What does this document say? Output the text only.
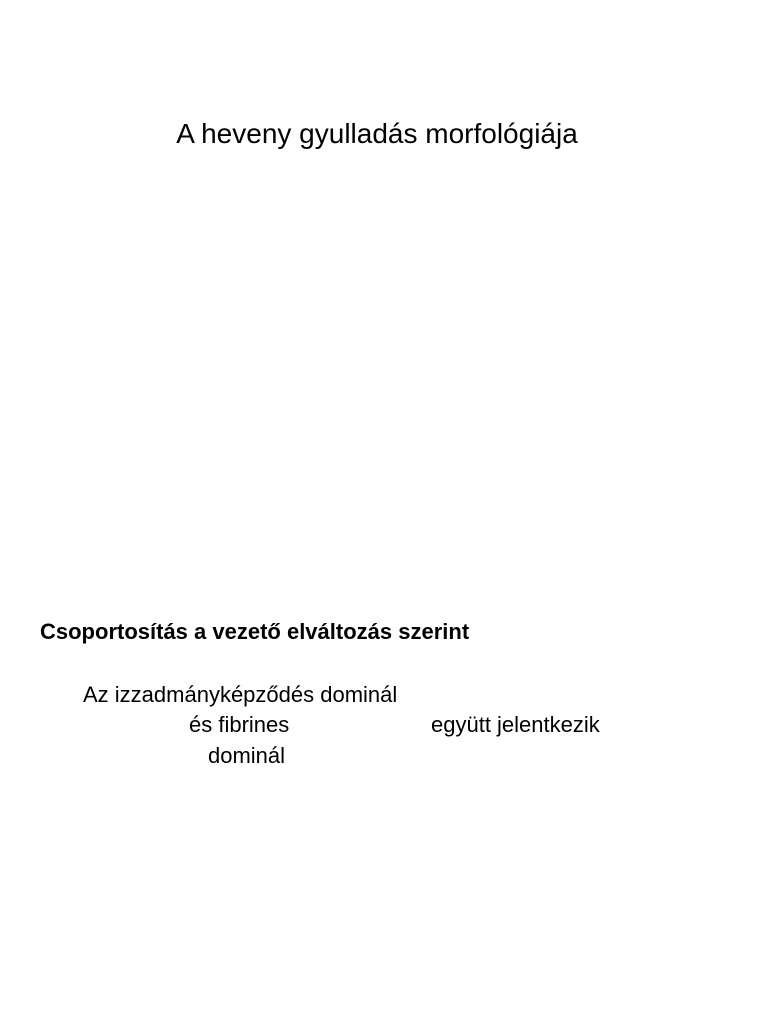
A heveny gyulladás morfológiája
Csoportosítás a vezető elváltozás szerint
Az izzadmányképződés dominál
és fibrines	együtt jelentkezik
dominál
